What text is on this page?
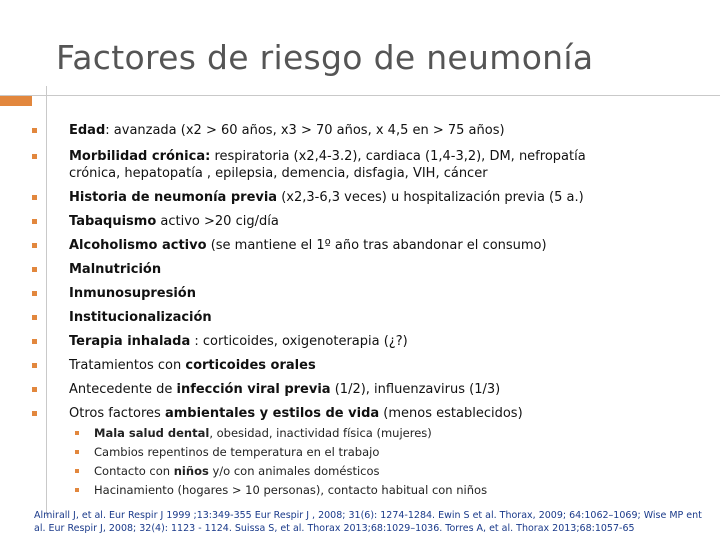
Factores de riesgo de neumonía
Edad: avanzada (x2 > 60 años, x3 > 70 años, x 4,5 en > 75 años)
Morbilidad crónica: respiratoria (x2,4-3.2), cardiaca (1,4-3,2), DM, nefropatía
crónica, hepatopatía , epilepsia, demencia, disfagia, VIH, cáncer
Historia de neumonía previa (x2,3-6,3 veces) u hospitalización previa (5 a.)
Tabaquismo activo >20 cig/día
Alcoholismo activo (se mantiene el 1º año tras abandonar el consumo)
Malnutrición
Inmunosupresión
Institucionalización
Terapia inhalada : corticoides, oxigenoterapia (¿?)
Tratamientos con corticoides orales
Antecedente de infección viral previa (1/2), influenzavirus (1/3)
Otros factores ambientales y estilos de vida (menos establecidos)
Mala salud dental, obesidad, inactividad física (mujeres)
Cambios repentinos de temperatura en el trabajo
Contacto con niños y/o con animales domésticos
Hacinamiento (hogares > 10 personas), contacto habitual con niños
Almirall J, et al. Eur Respir J 1999 ;13:349-355 Eur Respir J , 2008; 31(6): 1274-1284. Ewin S et al. Thorax, 2009; 64:1062–1069; Wise MP ent al. Eur Respir J, 2008; 32(4): 1123 - 1124. Suissa S, et al. Thorax 2013;68:1029–1036. Torres A, et al. Thorax 2013;68:1057-65
